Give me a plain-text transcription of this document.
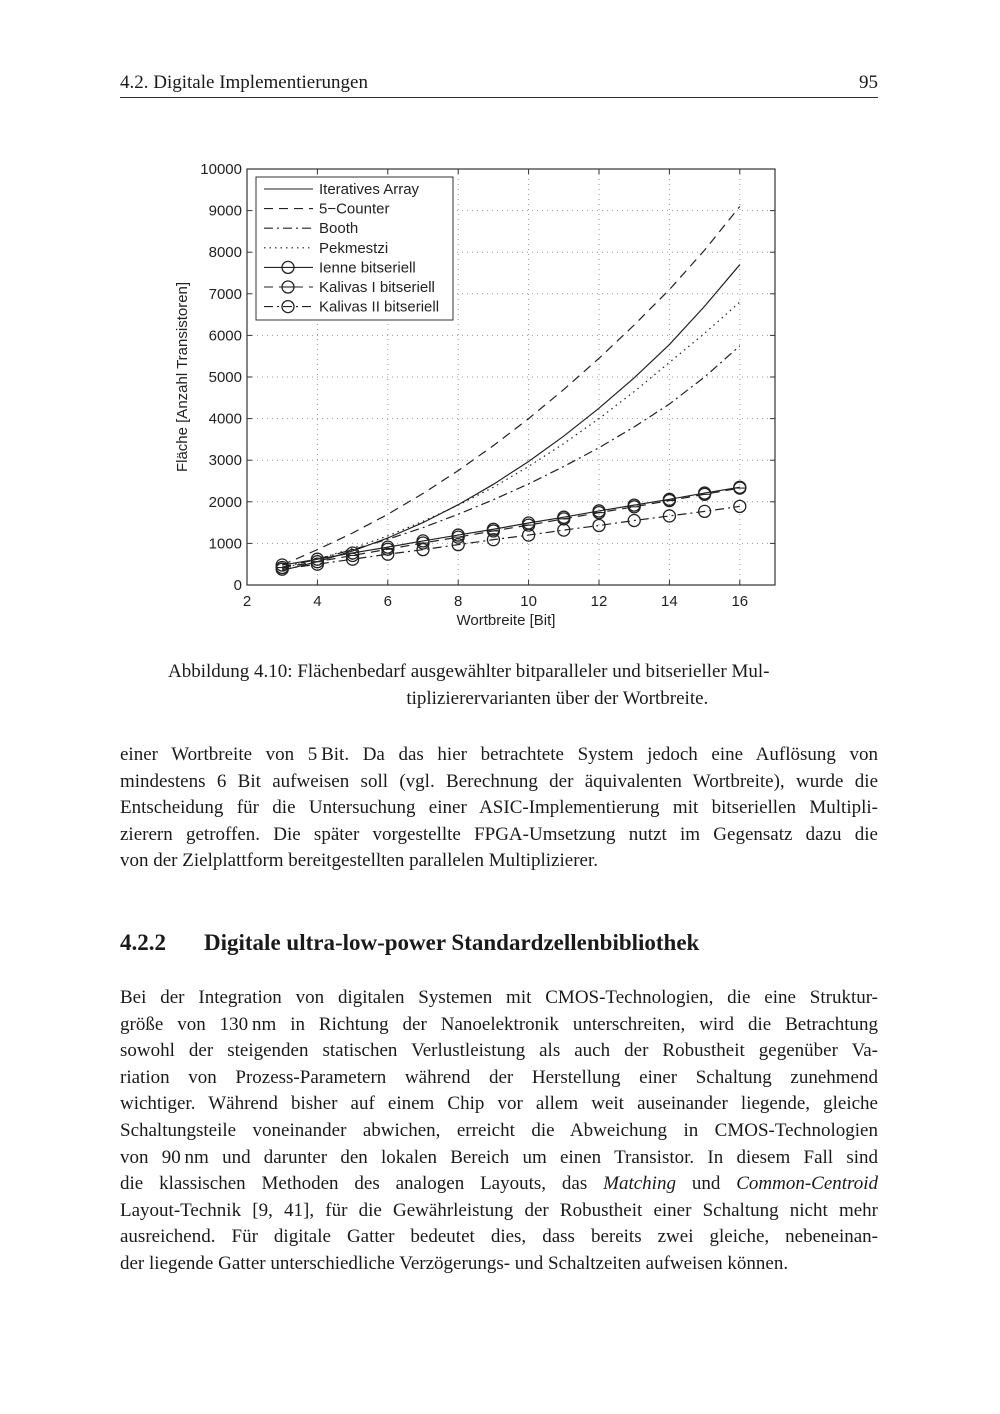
4.2. Digitale Implementierungen	95
2	4	6	8	10	12	14	16
0
1000
2000
3000
4000
5000
6000
7000
8000
9000
10000
Wortbreite [Bit]
Fläche [Anzahl Transistoren]
Iteratives Array
5−Counter
Booth
Pekmestzi
Ienne bitseriell
Kalivas I bitseriell
Kalivas II bitseriell
Abbildung 4.10: Flächenbedarf ausgewählter bitparalleler und bitserieller Mul-
tiplizierervarianten über der Wortbreite.
einer Wortbreite von 5 Bit. Da das hier betrachtete System jedoch eine Auflösung von
mindestens 6 Bit aufweisen soll (vgl. Berechnung der äquivalenten Wortbreite), wurde die
Entscheidung für die Untersuchung einer ASIC-Implementierung mit bitseriellen Multipli-
zierern getroffen. Die später vorgestellte FPGA-Umsetzung nutzt im Gegensatz dazu die
von der Zielplattform bereitgestellten parallelen Multiplizierer.
4.2.2 Digitale ultra-low-power Standardzellenbibliothek
Bei der Integration von digitalen Systemen mit CMOS-Technologien, die eine Struktur-
größe von 130 nm in Richtung der Nanoelektronik unterschreiten, wird die Betrachtung
sowohl der steigenden statischen Verlustleistung als auch der Robustheit gegenüber Va-
riation von Prozess-Parametern während der Herstellung einer Schaltung zunehmend
wichtiger. Während bisher auf einem Chip vor allem weit auseinander liegende, gleiche
Schaltungsteile voneinander abwichen, erreicht die Abweichung in CMOS-Technologien
von 90 nm und darunter den lokalen Bereich um einen Transistor. In diesem Fall sind
die klassischen Methoden des analogen Layouts, das Matching und Common-Centroid
Layout-Technik [9, 41], für die Gewährleistung der Robustheit einer Schaltung nicht mehr
ausreichend. Für digitale Gatter bedeutet dies, dass bereits zwei gleiche, nebeneinan-
der liegende Gatter unterschiedliche Verzögerungs- und Schaltzeiten aufweisen können.
